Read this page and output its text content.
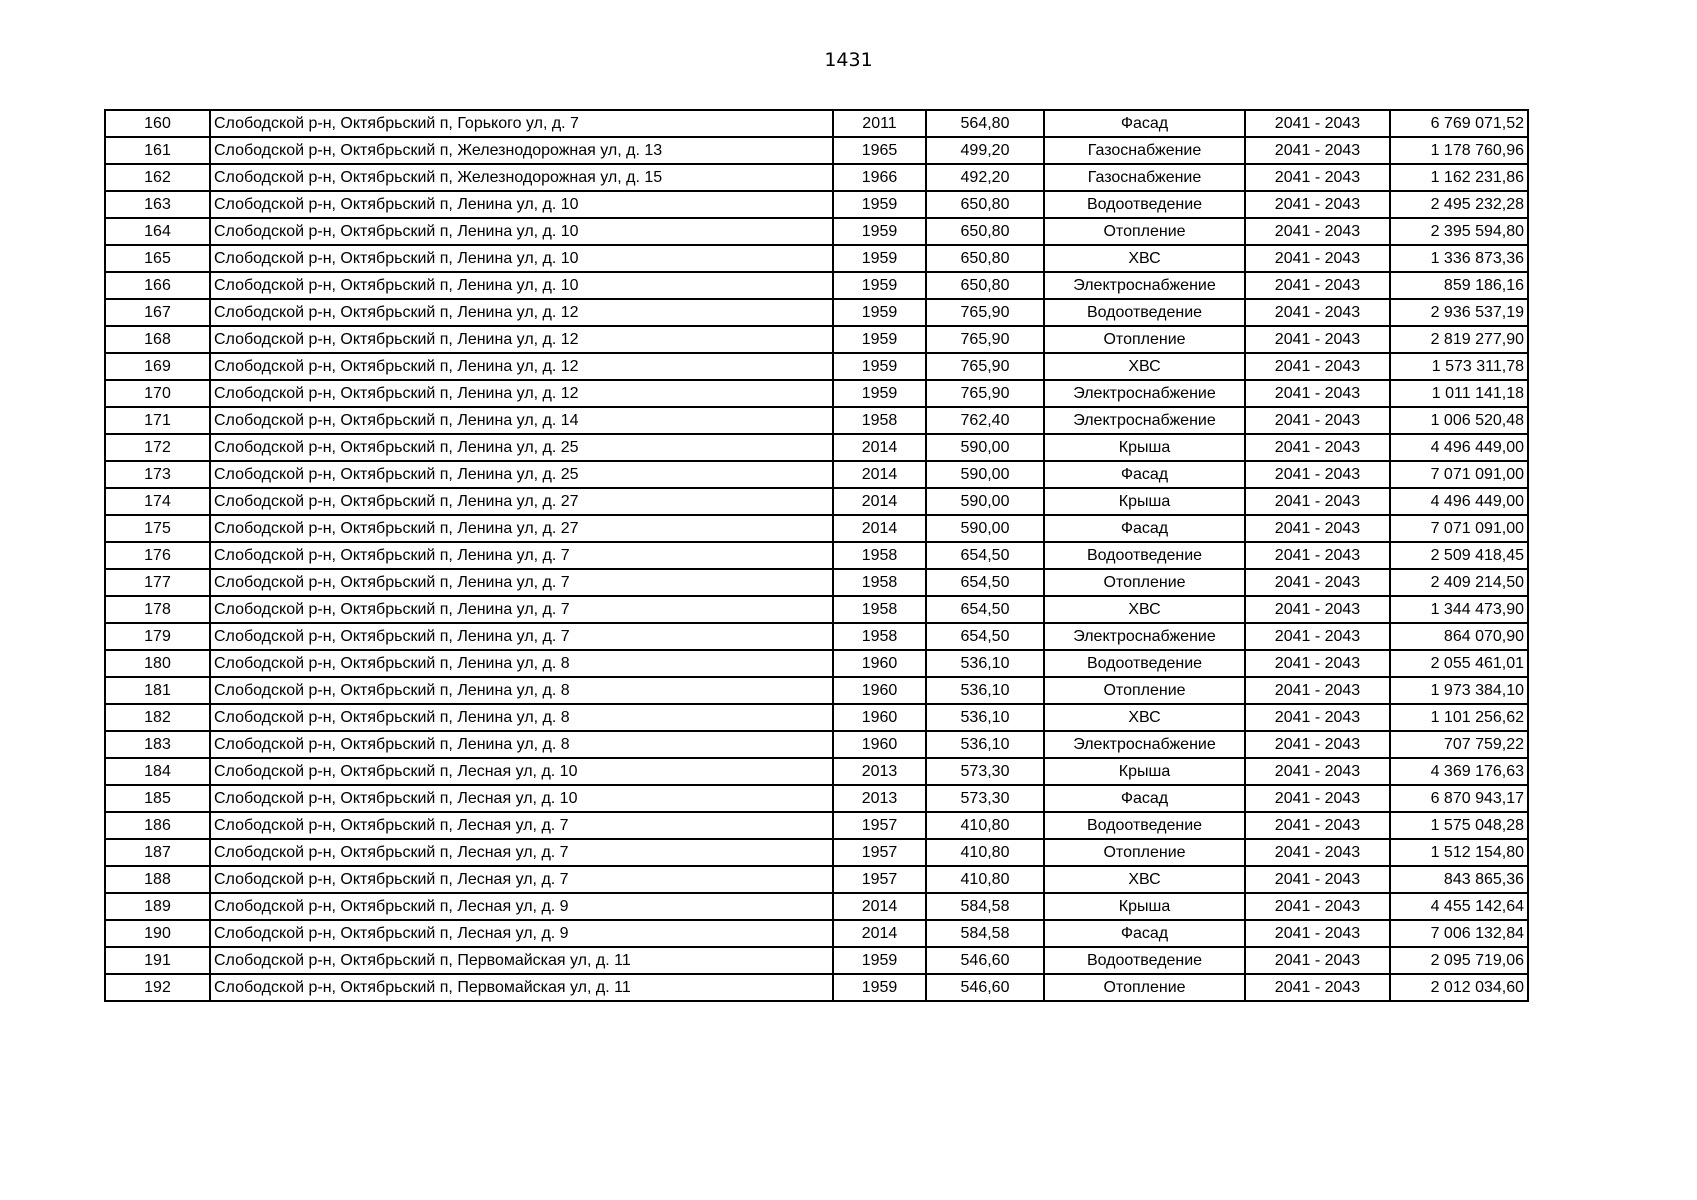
1431
160	Слободской р-н, Октябрьский п, Горького ул, д. 7	2011	564,80	Фасад	2041 - 2043	6 769 071,52
161	Слободской р-н, Октябрьский п, Железнодорожная ул, д. 13	1965	499,20	Газоснабжение	2041 - 2043	1 178 760,96
162	Слободской р-н, Октябрьский п, Железнодорожная ул, д. 15	1966	492,20	Газоснабжение	2041 - 2043	1 162 231,86
163	Слободской р-н, Октябрьский п, Ленина ул, д. 10	1959	650,80	Водоотведение	2041 - 2043	2 495 232,28
164	Слободской р-н, Октябрьский п, Ленина ул, д. 10	1959	650,80	Отопление	2041 - 2043	2 395 594,80
165	Слободской р-н, Октябрьский п, Ленина ул, д. 10	1959	650,80	ХВС	2041 - 2043	1 336 873,36
166	Слободской р-н, Октябрьский п, Ленина ул, д. 10	1959	650,80	Электроснабжение	2041 - 2043	859 186,16
167	Слободской р-н, Октябрьский п, Ленина ул, д. 12	1959	765,90	Водоотведение	2041 - 2043	2 936 537,19
168	Слободской р-н, Октябрьский п, Ленина ул, д. 12	1959	765,90	Отопление	2041 - 2043	2 819 277,90
169	Слободской р-н, Октябрьский п, Ленина ул, д. 12	1959	765,90	ХВС	2041 - 2043	1 573 311,78
170	Слободской р-н, Октябрьский п, Ленина ул, д. 12	1959	765,90	Электроснабжение	2041 - 2043	1 011 141,18
171	Слободской р-н, Октябрьский п, Ленина ул, д. 14	1958	762,40	Электроснабжение	2041 - 2043	1 006 520,48
172	Слободской р-н, Октябрьский п, Ленина ул, д. 25	2014	590,00	Крыша	2041 - 2043	4 496 449,00
173	Слободской р-н, Октябрьский п, Ленина ул, д. 25	2014	590,00	Фасад	2041 - 2043	7 071 091,00
174	Слободской р-н, Октябрьский п, Ленина ул, д. 27	2014	590,00	Крыша	2041 - 2043	4 496 449,00
175	Слободской р-н, Октябрьский п, Ленина ул, д. 27	2014	590,00	Фасад	2041 - 2043	7 071 091,00
176	Слободской р-н, Октябрьский п, Ленина ул, д. 7	1958	654,50	Водоотведение	2041 - 2043	2 509 418,45
177	Слободской р-н, Октябрьский п, Ленина ул, д. 7	1958	654,50	Отопление	2041 - 2043	2 409 214,50
178	Слободской р-н, Октябрьский п, Ленина ул, д. 7	1958	654,50	ХВС	2041 - 2043	1 344 473,90
179	Слободской р-н, Октябрьский п, Ленина ул, д. 7	1958	654,50	Электроснабжение	2041 - 2043	864 070,90
180	Слободской р-н, Октябрьский п, Ленина ул, д. 8	1960	536,10	Водоотведение	2041 - 2043	2 055 461,01
181	Слободской р-н, Октябрьский п, Ленина ул, д. 8	1960	536,10	Отопление	2041 - 2043	1 973 384,10
182	Слободской р-н, Октябрьский п, Ленина ул, д. 8	1960	536,10	ХВС	2041 - 2043	1 101 256,62
183	Слободской р-н, Октябрьский п, Ленина ул, д. 8	1960	536,10	Электроснабжение	2041 - 2043	707 759,22
184	Слободской р-н, Октябрьский п, Лесная ул, д. 10	2013	573,30	Крыша	2041 - 2043	4 369 176,63
185	Слободской р-н, Октябрьский п, Лесная ул, д. 10	2013	573,30	Фасад	2041 - 2043	6 870 943,17
186	Слободской р-н, Октябрьский п, Лесная ул, д. 7	1957	410,80	Водоотведение	2041 - 2043	1 575 048,28
187	Слободской р-н, Октябрьский п, Лесная ул, д. 7	1957	410,80	Отопление	2041 - 2043	1 512 154,80
188	Слободской р-н, Октябрьский п, Лесная ул, д. 7	1957	410,80	ХВС	2041 - 2043	843 865,36
189	Слободской р-н, Октябрьский п, Лесная ул, д. 9	2014	584,58	Крыша	2041 - 2043	4 455 142,64
190	Слободской р-н, Октябрьский п, Лесная ул, д. 9	2014	584,58	Фасад	2041 - 2043	7 006 132,84
191	Слободской р-н, Октябрьский п, Первомайская ул, д. 11	1959	546,60	Водоотведение	2041 - 2043	2 095 719,06
192	Слободской р-н, Октябрьский п, Первомайская ул, д. 11	1959	546,60	Отопление	2041 - 2043	2 012 034,60
